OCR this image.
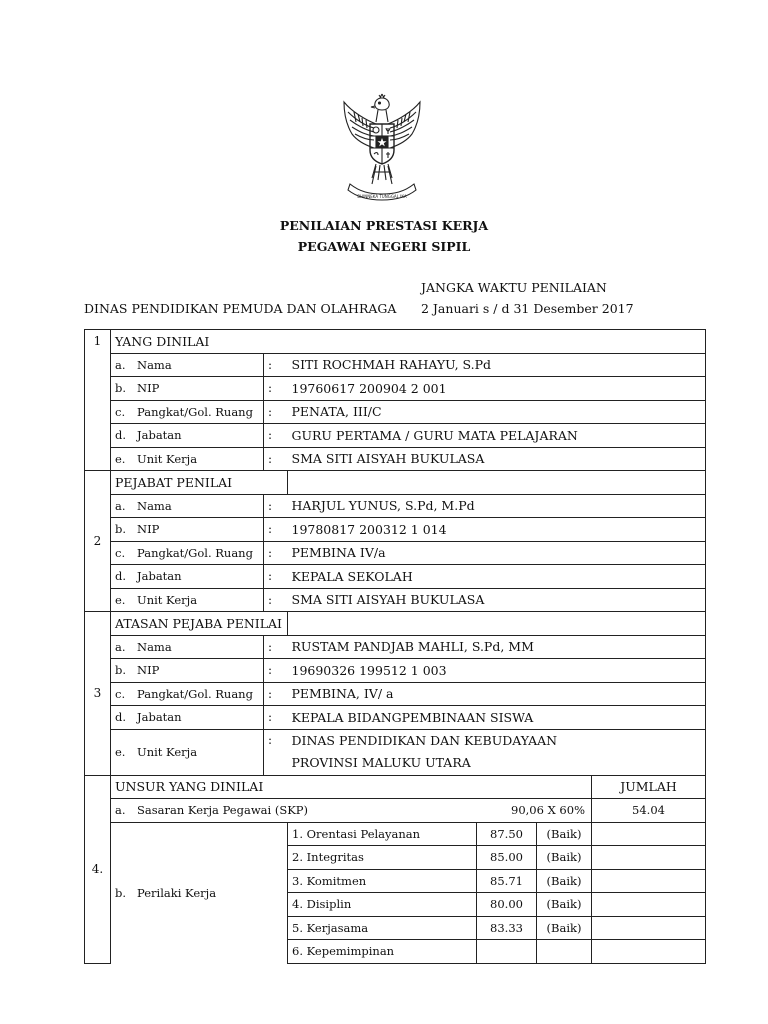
BHINNEKA TUNGGAL IKA
PENILAIAN PRESTASI KERJA
PEGAWAI NEGERI SIPIL
JANGKA WAKTU PENILAIAN
DINAS PENDIDIKAN PEMUDA DAN OLAHRAGA 2 Januari s / d 31 Desember 2017
1	YANG DINILAI					
	a. Nama	:	SITI ROCHMAH RAHAYU, S.Pd			
	b. NIP	:	19760617 200904 2 001			
	c. Pangkat/Gol. Ruang	:	PENATA, III/C			
	d. Jabatan	:	GURU PERTAMA / GURU MATA PELAJARAN			
	e. Unit Kerja	:	SMA SITI AISYAH BUKULASA			
2	PEJABAT PENILAI					
	a. Nama	:	HARJUL YUNUS, S.Pd, M.Pd			
	b. NIP	:	19780817 200312 1 014			
	c. Pangkat/Gol. Ruang	:	PEMBINA IV/a			
	d. Jabatan	:	KEPALA SEKOLAH			
	e. Unit Kerja	:	SMA SITI AISYAH BUKULASA			
3	ATASAN PEJABA PENILAI					
	a. Nama	:	RUSTAM PANDJAB MAHLI, S.Pd, MM			
	b. NIP	:	19690326 199512 1 003			
	c. Pangkat/Gol. Ruang	:	PEMBINA, IV/ a			
	d. Jabatan	:	KEPALA BIDANGPEMBINAAN SISWA			
	e. Unit Kerja	:	DINAS PENDIDIKAN DAN KEBUDAYAAN
PROVINSI MALUKU UTARA			

4.	UNSUR YANG DINILAI					JUMLAH
	a. Sasaran Kerja Pegawai (SKP)			90,06 X 60%		54.04
	b. Perilaki Kerja		1. Orentasi Pelayanan	87.50	(Baik)	
			2. Integritas	85.00	(Baik)	
			3. Komitmen	85.71	(Baik)	
			4. Disiplin	80.00	(Baik)	
			5. Kerjasama	83.33	(Baik)	
			6. Kepemimpinan			
